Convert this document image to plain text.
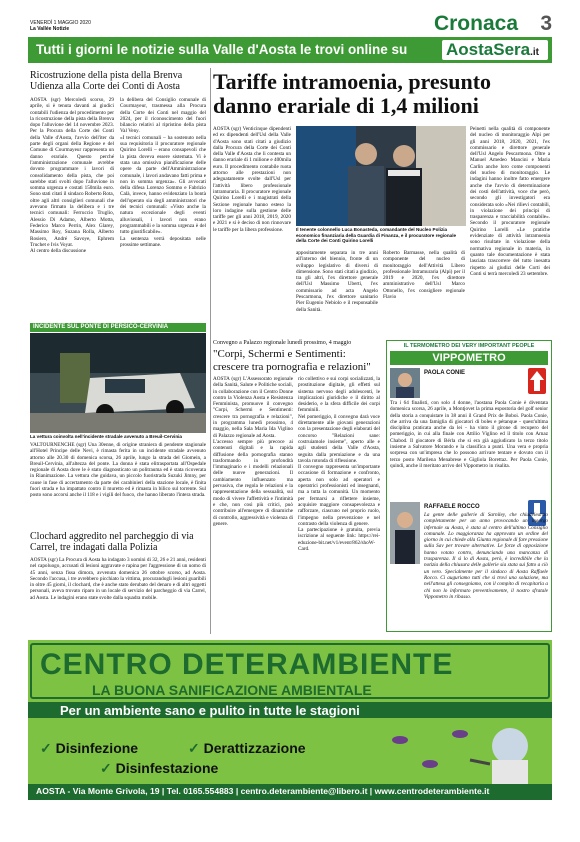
VENERDÌ 1 MAGGIO 2020
La Vallée Notizie	Cronaca 3
Tutti i giorni le notizie sulla Valle d'Aosta le trovi online su AostaSera.it
Ricostruzione della pista della Brenva Udienza alla Corte dei Conti di Aosta
AOSTA (sgr) Mercoledì scorso, 29 aprile, si è tenuta davanti ai giudici contabili l'udienza del procedimento per la ricostruzione della pista della Brenva dopo l'alluvione del 14 novembre 2023. Per la Procura della Corte dei Conti della Valle d'Aosta, l'avvio dell'iter da parte degli organi della Regione e del Comune di Courmayeur rappresenta un danno erariale. Questo perché l'amministrazione comunale avrebbe dovuto programmare i lavori di consolidamento della pista, che poi sarebbe stati svolti dopo l'alluvione in somma urgenza e costati 150mila euro. Sono stati citati il sindaco Roberto Rota, oltre agli altri consiglieri comunali che avevano firmato la delibera e i tre tecnici comunali: Ferruccio Truglio, Alessio Di Adamo, Alberto Motta, Federico Marco Perrin, Alex Glarey, Massimo Roy, Suzana Rolla, Alberto Rosiero, André Savoye, Ephrem Truchet e Ivis Voyat.
Al centro della discussione
la delibera del Consiglio comunale di Courmayeur, trasmessa alla Procura della Corte dei Conti nel maggio del 2024, per il riconoscimento del fuori bilancio relativi al ripristino della pista Val Veny.
«I tecnici comunali – ha sostenuto nella sua requisitoria il procuratore regionale Quirino Lorelli – erano consapevoli che la pista doveva essere sistemata. Vi è stata una omissiva pianificazione delle opere da parte dell'Amministrazione comunale, i lavori andavano fatti prima e non in somma urgenza». Gli avvocati della difesa Lorenzo Sommo e Fabrizio Calà, invece, hanno evidenziato la bontà dell'operato sia degli amministratori che dei tecnici comunali: «Visto anche la natura eccezionale degli eventi alluvionali, i lavori non erano programmabili e la somma urgenza è del tutto giustificabile».
La sentenza verrà depositata nelle prossime settimane.
INCIDENTE SUL PONTE DI PERSICO-CERVINIA
La vettura coinvolta nell'incidente stradale avvenuto a Breuil-Cervinia
VALTOURNENCHE (sgr) Una 30enne, di origine straniera di pendente stagionale all'Hotel Principe delle Nevi, è rimasta ferita in un incidente stradale avvenuto attorno alle 20.30 di domenica scorsa, 26 aprile, lungo la strada del Giomein, a Breuil-Cervinia, all'altezza del ponte. La donna è stata elitrasportata all'Ospedale regionale di Aosta dove le è stato diagnosticato un politrauma ed è stata ricoverata in Rianimazione. La vettura che guidava, un piccolo fuoristrada Suzuki Jimny, per cause in fase di accertamento da parte dei carabinieri della stazione locale, è finita fuori strada e ha impattato contro il muretto ed è rimasta in bilico sul torrente. Sul posto sono accorsi anche il 118 e i vigili del fuoco, che hanno liberato l'intera strada.
Clochard aggredito nel parcheggio di via Carrel, tre indagati dalla Polizia
AOSTA (sgr) La Procura di Aosta ha indagato 3 uomini di 32, 26 e 21 anni, residenti nel capoluogo, accusati di lesioni aggravate e rapina per l'aggressione di un uomo di 45 anni, senza fissa dimora, avvenuta domenica 26 ottobre scorso, ad Aosta. Secondo l'accusa, i tre avrebbero picchiato la vittima, procurandogli lesioni guaribili in oltre 45 giorni, il clochard, che è anche stato derubato del denaro e di altri oggetti personali, aveva trovato riparo in un locale di servizio del parcheggio di via Carrel, ad Aosta. Le indagini erano state svolte dalla squadra mobile.
Tariffe intramoenia, presunto danno erariale di 1,4 milioni
AOSTA (sgr) Venticinque dipendenti ed ex dipendenti dell'Usl della Valle d'Aosta sono stati citati a giudizio dalla Procura della Corte dei Conti della Valle d'Aosta che li contesta un danno erariale di 1 milione e 400mila euro. Il procedimento contabile ruota attorno alle prestazioni non adeguatamente svolte dall'Usl per l'attività libero professionale intramuraria. Il procuratore regionale Quirino Lorelli e i magistrati della Sezione regionale hanno esteso la loro indagine sulla gestione delle tariffe per gli anni 2018, 2019, 2020 e 2021 e si è deciso di non rinnovare le tariffe per la libera professione.	Il tenente colonnello Luca Bonasteda, comandante del Nucleo Polizia economico finanziaria della Guardia di Finanza, e il procuratore regionale della Corte dei Conti Quirino Lorelli
appositamente separata in tre anni all'interno del biennio, fronte di un sviluppo legislativo di diversi di dimensione. Sono stati citati a giudizio, tra gli altri, l'ex direttore generale dell'Usl Massimo Uberti, l'ex commissario ad acta Angelo Pescarmona, l'ex direttore sanitario Pier Eugenio Nebiolo e il responsabile della Sanità.
Roberto Barmasse, nella qualità di componente del nucleo di monitoraggio dell'Attività Libero professionale Intramuraria (Alpi) per il 2019 e 2020, l'ex direttore amministrativo dell'Usl Marco Ottonello, l'ex consigliere regionale Flavio
Peinetti nella qualità di componente del nucleo di monitoraggio Alpi per gli anni 2018, 2020, 2021, l'ex commissario e direttore generale dell'Usl Angelo Pescarmona. Oltre a Manuel Amedeo Mancini e Maria Carlin anche loro come componenti del nucleo di monitoraggio. Le indagini hanno inoltre fatto emergere anche che l'avvio di determinazione dei costi dell'attività, voce che però, secondo gli investigatori era considerata solo «Nei rilievi contabili, in violazione dei principi di trasparenza e tracciabilità contabile». Secondo il procuratore regionale Quirino Lorelli «Le pratiche evidenziate di attività intramoenia sono risultate in violazione della normativa regionale in materia, in quanto tale documentazione è stata lasciata trascorrere del tutto inesatta rispetto ai giudizi delle Corti dei Conti si terrà mercoledì 23 settembre.
Convegno a Palazzo regionale lunedì prossimo, 4 maggio
"Corpi, Schermi e Sentimenti: crescere tra pornografia e relazioni"
AOSTA (sgr) L'Assessorato regionale della Sanità, Salute e Politiche sociali, in collaborazione con il Centro Donne contro la Violenza Aosta e Resistenza Femminista, promuove il convegno "Corpi, Schermi e Sentimenti: crescere tra pornografia e relazioni", in programma lunedì prossimo, 4 maggio, nella Sala Maria Ida Viglino di Palazzo regionale ad Aosta.
L'accesso sempre più precoce ai contenuti digitali e la rapida diffusione della pornografia stanno trasformando in profondità l'immaginario e i modelli relazionali delle nuove generazioni. Il cambiamento influenzato ma pervasiva, che regola le relazioni e la rappresentazione della sessualità, sul modo di vivere l'affettività e l'intimità e che, non così più critici, può contribuire all'emergere di dinamiche di controllo, aggressività e violenza di genere.
rio collettivo e sui corpi socializzati, la prostituzione digitale, gli effetti sul sistema nervoso degli adolescenti, le implicazioni giuridiche e il diritto al desiderio, e la sfera difficile dei corpi femminili.
Nel pomeriggio, il convegno darà voce direttamente alle giovani generazioni con la presentazione degli elaborati del concorso "Relazioni sane: costruiamole insieme", aperto alle e agli studenti della Valle d'Aosta, seguita dalla premiazione e da una tavola rotonda di riflessione.
Il convegno rappresenta un'importante occasione di formazione e confronto, aperta non solo ad operatori e operatrici professionisti ed insegnanti, ma a tutta la comunità. Un momento per fermarsi a riflettere insieme, acquisire maggiore consapevolezza e rafforzare, ciascuno nel proprio ruolo, l'impegno nella prevenzione e nel contrasto della violenza di genere.
La partecipazione è gratuita, previa iscrizione al seguente link: https://rei-eduzione-bit.net/v1/event/862/shoW-Card.
IL TERMOMETRO DEI VERY IMPORTANT PEOPLE
VIPPOMETRO
PAOLA CONIE
Tra i 64 finalisti, con solo 4 donne, l'aostana Paola Conie è diventata domenica scorsa, 26 aprile, a Montjovet la prima espostoria del golf senior della storia a conquistare in 38 anni il Grand Prix de Boboi. Paola Conie, che arriva da una famiglia di giocatori di boles e pétanque - quest'ultima disciplina praticata anche da lei - ha vinto il girone di recupero del pomeriggio, in cui alla finale con Attilio Viglino ed il titolo con Arnaz Chabod. Il giocatore di Bérla che si era già aggiudicato la terzo titolo insieme a Salvatore Morando e la classifica a punti. Una vera e propria sorpresa con un'impresa che lo possono arrivare tentare e dovuto con il terzo posto Marilena Menabrese e Gigliola Borettaz. Per Paola Conie, quindi, anche il meritato arrivo del Vippometro in risalita.
RAFFAELE ROCCO
La gente delle gallerie di Sarniley, che chiudeleanno completamente per un anno provocando un ingorgo infernale su Aosta, è stata al centro dell'ultimo Consiglio comunale. Lo maggioranza ha approvato un ordine del giorno in cui chiede alla Giunta regionale di fare pressione sulla Sav per trovare alternative. Le forze di opposizione hanno votato contro, denunciando una mancanza di trasparenza. Il sì lo di Aosta, però, è incredibile che la notizia della chiusura delle gallerie sia stata sui fatto a ciò un vero. Specialmente per il sindaco di Aosta Raffaele Rocco. Ci auguriamo tutti che si trovi una soluzione, ma nell'attesa gli consegniamo, con il compito di recapitarla a chi non lo informato preventivamente, il nostro sfratale Vippometro in ribasso.
CENTRO DETERAMBIENTE
LA BUONA SANIFICAZIONE AMBIENTALE
Per un ambiente sano e pulito in tutte le stagioni
✓ Disinfezione	✓ Derattizzazione
✓ Disinfestazione
AOSTA - Via Monte Grivola, 19 | Tel. 0165.554883 | centro.deterambiente@libero.it | www.centrodeterambiente.it
